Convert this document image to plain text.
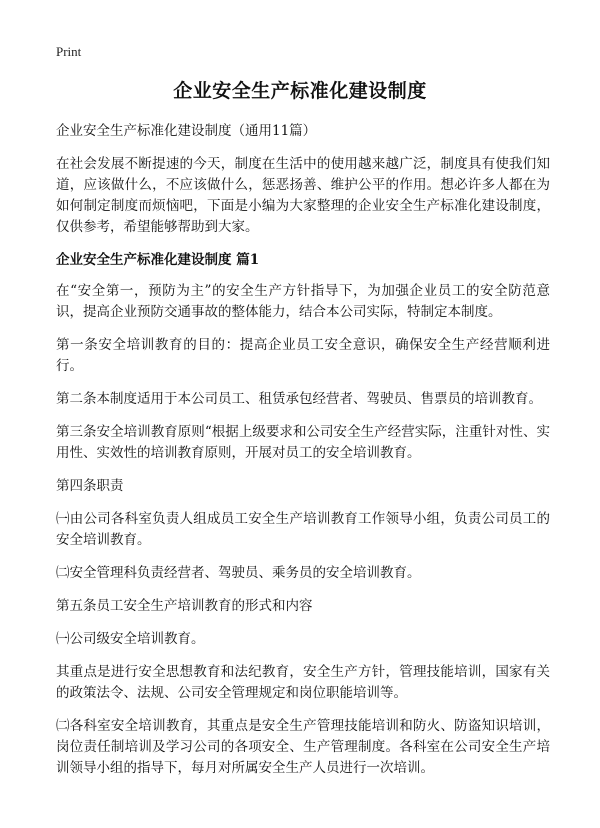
Print
企业安全生产标准化建设制度

企业安全生产标准化建设制度（通用11篇）

在社会发展不断提速的今天，制度在生活中的使用越来越广泛，制度具有使我们知道，应该做什么，不应该做什么，惩恶扬善、维护公平的作用。想必许多人都在为如何制定制度而烦恼吧，下面是小编为大家整理的企业安全生产标准化建设制度，仅供参考，希望能够帮助到大家。

企业安全生产标准化建设制度 篇1

在“安全第一，预防为主”的安全生产方针指导下，为加强企业员工的安全防范意识，提高企业预防交通事故的整体能力，结合本公司实际，特制定本制度。

第一条安全培训教育的目的：提高企业员工安全意识，确保安全生产经营顺利进行。

第二条本制度适用于本公司员工、租赁承包经营者、驾驶员、售票员的培训教育。

第三条安全培训教育原则“根据上级要求和公司安全生产经营实际，注重针对性、实用性、实效性的培训教育原则，开展对员工的安全培训教育。

第四条职责

㈠由公司各科室负责人组成员工安全生产培训教育工作领导小组，负责公司员工的安全培训教育。

㈡安全管理科负责经营者、驾驶员、乘务员的安全培训教育。

第五条员工安全生产培训教育的形式和内容

㈠公司级安全培训教育。

其重点是进行安全思想教育和法纪教育，安全生产方针，管理技能培训，国家有关的政策法令、法规、公司安全管理规定和岗位职能培训等。

㈡各科室安全培训教育，其重点是安全生产管理技能培训和防火、防盗知识培训，岗位责任制培训及学习公司的各项安全、生产管理制度。各科室在公司安全生产培训领导小组的指导下，每月对所属安全生产人员进行一次培训。
